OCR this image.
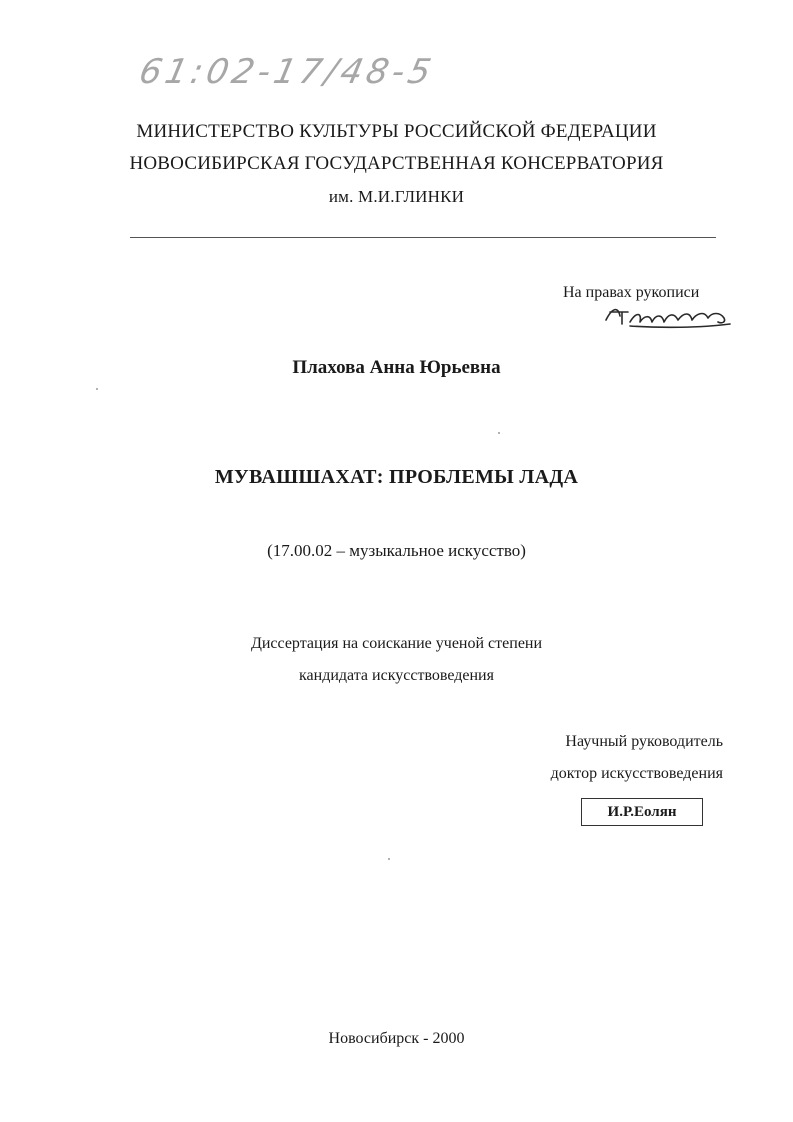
61:02-17/48-5
МИНИСТЕРСТВО КУЛЬТУРЫ РОССИЙСКОЙ ФЕДЕРАЦИИ
НОВОСИБИРСКАЯ ГОСУДАРСТВЕННАЯ КОНСЕРВАТОРИЯ
им. М.И.ГЛИНКИ
На правах рукописи
Плахова Анна Юрьевна
МУВАШШАХАТ: ПРОБЛЕМЫ ЛАДА
(17.00.02 – музыкальное искусство)
Диссертация на соискание ученой степени
кандидата искусствоведения
Научный руководитель
доктор искусствоведения
И.Р.Еолян
Новосибирск - 2000
